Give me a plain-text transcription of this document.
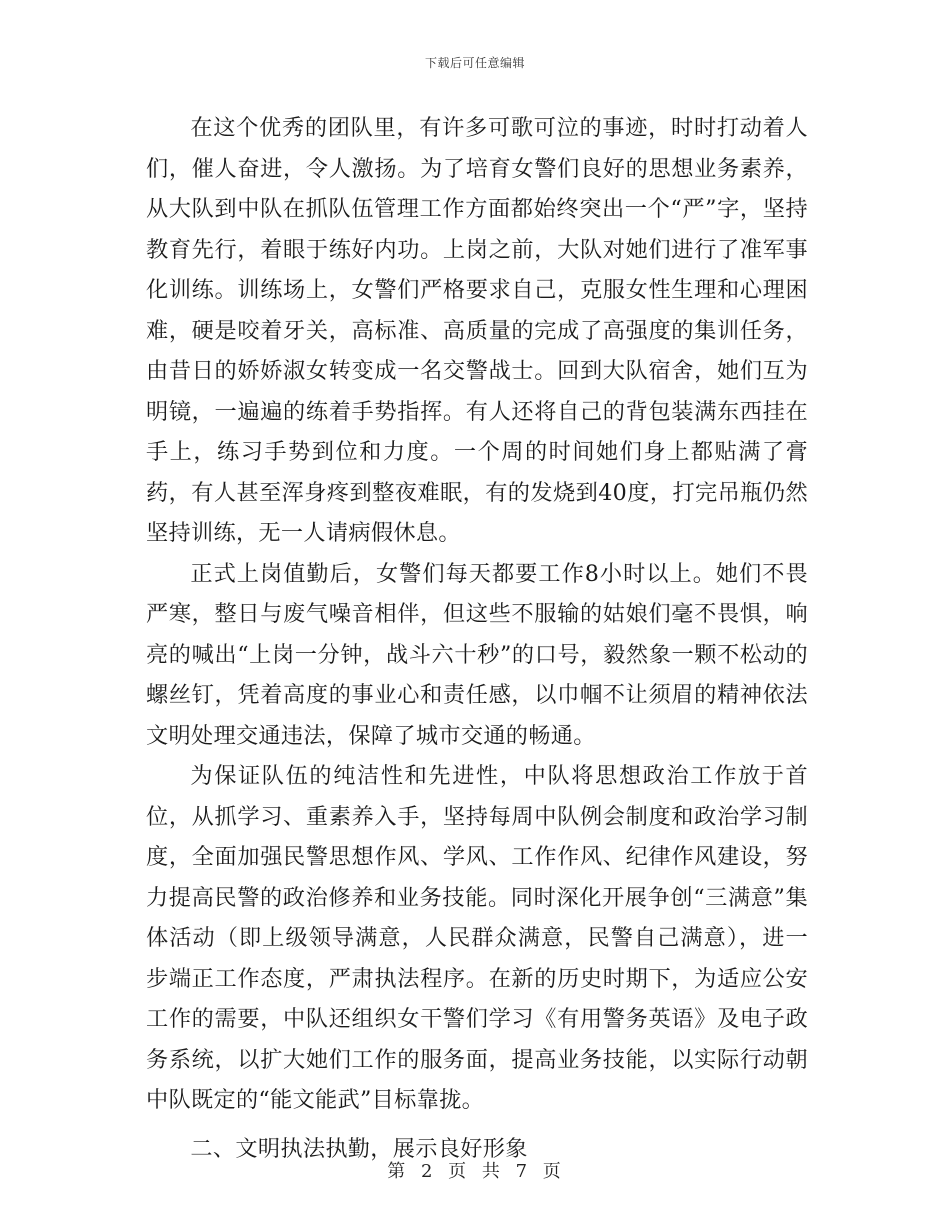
下载后可任意编辑

在这个优秀的团队里，有许多可歌可泣的事迹，时时打动着人们，催人奋进，令人激扬。为了培育女警们良好的思想业务素养，从大队到中队在抓队伍管理工作方面都始终突出一个“严”字，坚持教育先行，着眼于练好内功。上岗之前，大队对她们进行了准军事化训练。训练场上，女警们严格要求自己，克服女性生理和心理困难，硬是咬着牙关，高标准、高质量的完成了高强度的集训任务，由昔日的娇娇淑女转变成一名交警战士。回到大队宿舍，她们互为明镜，一遍遍的练着手势指挥。有人还将自己的背包装满东西挂在手上，练习手势到位和力度。一个周的时间她们身上都贴满了膏药，有人甚至浑身疼到整夜难眠，有的发烧到40度，打完吊瓶仍然坚持训练，无一人请病假休息。

正式上岗值勤后，女警们每天都要工作8小时以上。她们不畏严寒，整日与废气噪音相伴，但这些不服输的姑娘们毫不畏惧，响亮的喊出“上岗一分钟，战斗六十秒”的口号，毅然象一颗不松动的螺丝钉，凭着高度的事业心和责任感，以巾帼不让须眉的精神依法文明处理交通违法，保障了城市交通的畅通。

为保证队伍的纯洁性和先进性，中队将思想政治工作放于首位，从抓学习、重素养入手，坚持每周中队例会制度和政治学习制度，全面加强民警思想作风、学风、工作作风、纪律作风建设，努力提高民警的政治修养和业务技能。同时深化开展争创“三满意”集体活动（即上级领导满意，人民群众满意，民警自己满意），进一步端正工作态度，严肃执法程序。在新的历史时期下，为适应公安工作的需要，中队还组织女干警们学习《有用警务英语》及电子政务系统，以扩大她们工作的服务面，提高业务技能，以实际行动朝中队既定的“能文能武”目标靠拢。

二、文明执法执勤，展示良好形象

第 2 页 共 7 页
